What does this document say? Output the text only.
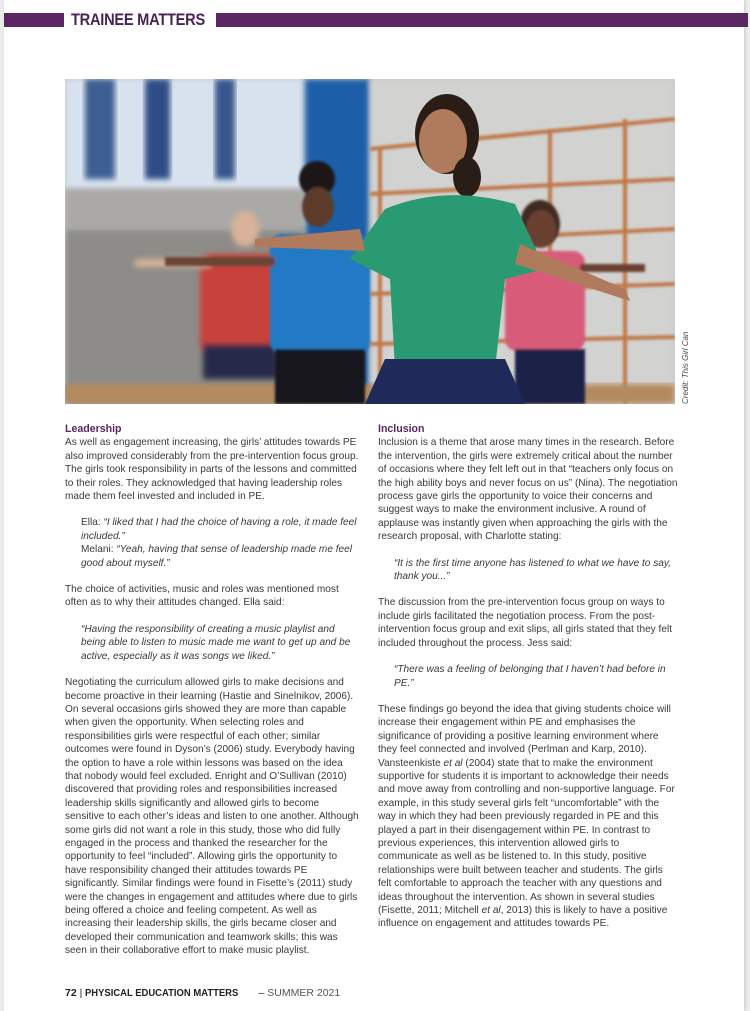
TRAINEE MATTERS
Credit: This Girl Can
Leadership

As well as engagement increasing, the girls’ attitudes towards PE also improved considerably from the pre-intervention focus group. The girls took responsibility in parts of the lessons and committed to their roles. They acknowledged that having leadership roles made them feel invested and included in PE.

Ella: “I liked that I had the choice of having a role, it made feel included.”
Melani: “Yeah, having that sense of leadership made me feel good about myself.”

The choice of activities, music and roles was mentioned most often as to why their attitudes changed. Ella said:

“Having the responsibility of creating a music playlist and being able to listen to music made me want to get up and be active, especially as it was songs we liked.”

Negotiating the curriculum allowed girls to make decisions and become proactive in their learning (Hastie and Sinelnikov, 2006). On several occasions girls showed they are more than capable when given the opportunity. When selecting roles and responsibilities girls were respectful of each other; similar outcomes were found in Dyson’s (2006) study. Everybody having the option to have a role within lessons was based on the idea that nobody would feel excluded. Enright and O’Sullivan (2010) discovered that providing roles and responsibilities increased leadership skills significantly and allowed girls to become sensitive to each other’s ideas and listen to one another. Although some girls did not want a role in this study, those who did fully engaged in the process and thanked the researcher for the opportunity to feel “included”. Allowing girls the opportunity to have responsibility changed their attitudes towards PE significantly. Similar findings were found in Fisette’s (2011) study were the changes in engagement and attitudes where due to girls being offered a choice and feeling competent. As well as increasing their leadership skills, the girls became closer and developed their communication and teamwork skills; this was seen in their collaborative effort to make music playlist.

Inclusion

Inclusion is a theme that arose many times in the research. Before the intervention, the girls were extremely critical about the number of occasions where they felt left out in that “teachers only focus on the high ability boys and never focus on us” (Nina). The negotiation process gave girls the opportunity to voice their concerns and suggest ways to make the environment inclusive. A round of applause was instantly given when approaching the girls with the research proposal, with Charlotte stating:

“It is the first time anyone has listened to what we have to say, thank you...”

The discussion from the pre-intervention focus group on ways to include girls facilitated the negotiation process. From the post-intervention focus group and exit slips, all girls stated that they felt included throughout the process. Jess said:

“There was a feeling of belonging that I haven’t had before in PE.”

These findings go beyond the idea that giving students choice will increase their engagement within PE and emphasises the significance of providing a positive learning environment where they feel connected and involved (Perlman and Karp, 2010). Vansteenkiste et al (2004) state that to make the environment supportive for students it is important to acknowledge their needs and move away from controlling and non-supportive language. For example, in this study several girls felt “uncomfortable” with the way in which they had been previously regarded in PE and this played a part in their disengagement within PE. In contrast to previous experiences, this intervention allowed girls to communicate as well as be listened to. In this study, positive relationships were built between teacher and students. The girls felt comfortable to approach the teacher with any questions and ideas throughout the intervention. As shown in several studies (Fisette, 2011; Mitchell et al, 2013) this is likely to have a positive influence on engagement and attitudes towards PE.

72 | PHYSICAL EDUCATION MATTERS – SUMMER 2021
